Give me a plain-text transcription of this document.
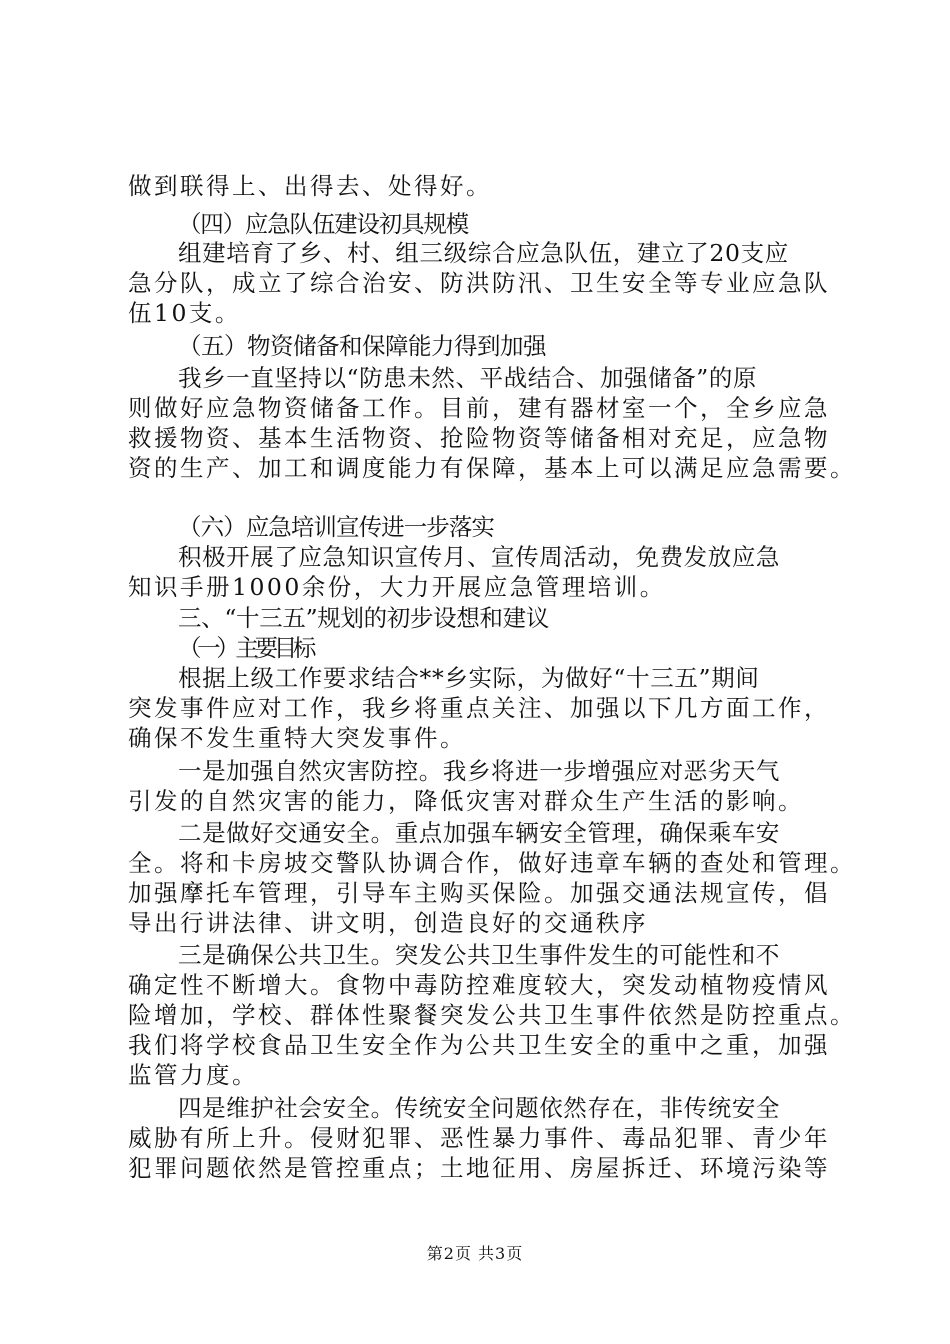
做到联得上、出得去、处得好。
（四）应急队伍建设初具规模
组建培育了乡、村、组三级综合应急队伍，建立了20支应
急分队，成立了综合治安、防洪防汛、卫生安全等专业应急队
伍10支。
（五）物资储备和保障能力得到加强
我乡一直坚持以“防患未然、平战结合、加强储备”的原
则做好应急物资储备工作。目前，建有器材室一个，全乡应急
救援物资、基本生活物资、抢险物资等储备相对充足，应急物
资的生产、加工和调度能力有保障，基本上可以满足应急需要。
（六）应急培训宣传进一步落实
积极开展了应急知识宣传月、宣传周活动，免费发放应急
知识手册1000余份，大力开展应急管理培训。
三、“十三五”规划的初步设想和建议
（一）主要目标
根据上级工作要求结合**乡实际，为做好“十三五”期间
突发事件应对工作，我乡将重点关注、加强以下几方面工作，
确保不发生重特大突发事件。
一是加强自然灾害防控。我乡将进一步增强应对恶劣天气
引发的自然灾害的能力，降低灾害对群众生产生活的影响。
二是做好交通安全。重点加强车辆安全管理，确保乘车安
全。将和卡房坡交警队协调合作，做好违章车辆的查处和管理。
加强摩托车管理，引导车主购买保险。加强交通法规宣传，倡
导出行讲法律、讲文明，创造良好的交通秩序
三是确保公共卫生。突发公共卫生事件发生的可能性和不
确定性不断增大。食物中毒防控难度较大，突发动植物疫情风
险增加，学校、群体性聚餐突发公共卫生事件依然是防控重点。
我们将学校食品卫生安全作为公共卫生安全的重中之重，加强
监管力度。
四是维护社会安全。传统安全问题依然存在，非传统安全
威胁有所上升。侵财犯罪、恶性暴力事件、毒品犯罪、青少年
犯罪问题依然是管控重点；土地征用、房屋拆迁、环境污染等
第2页 共3页
